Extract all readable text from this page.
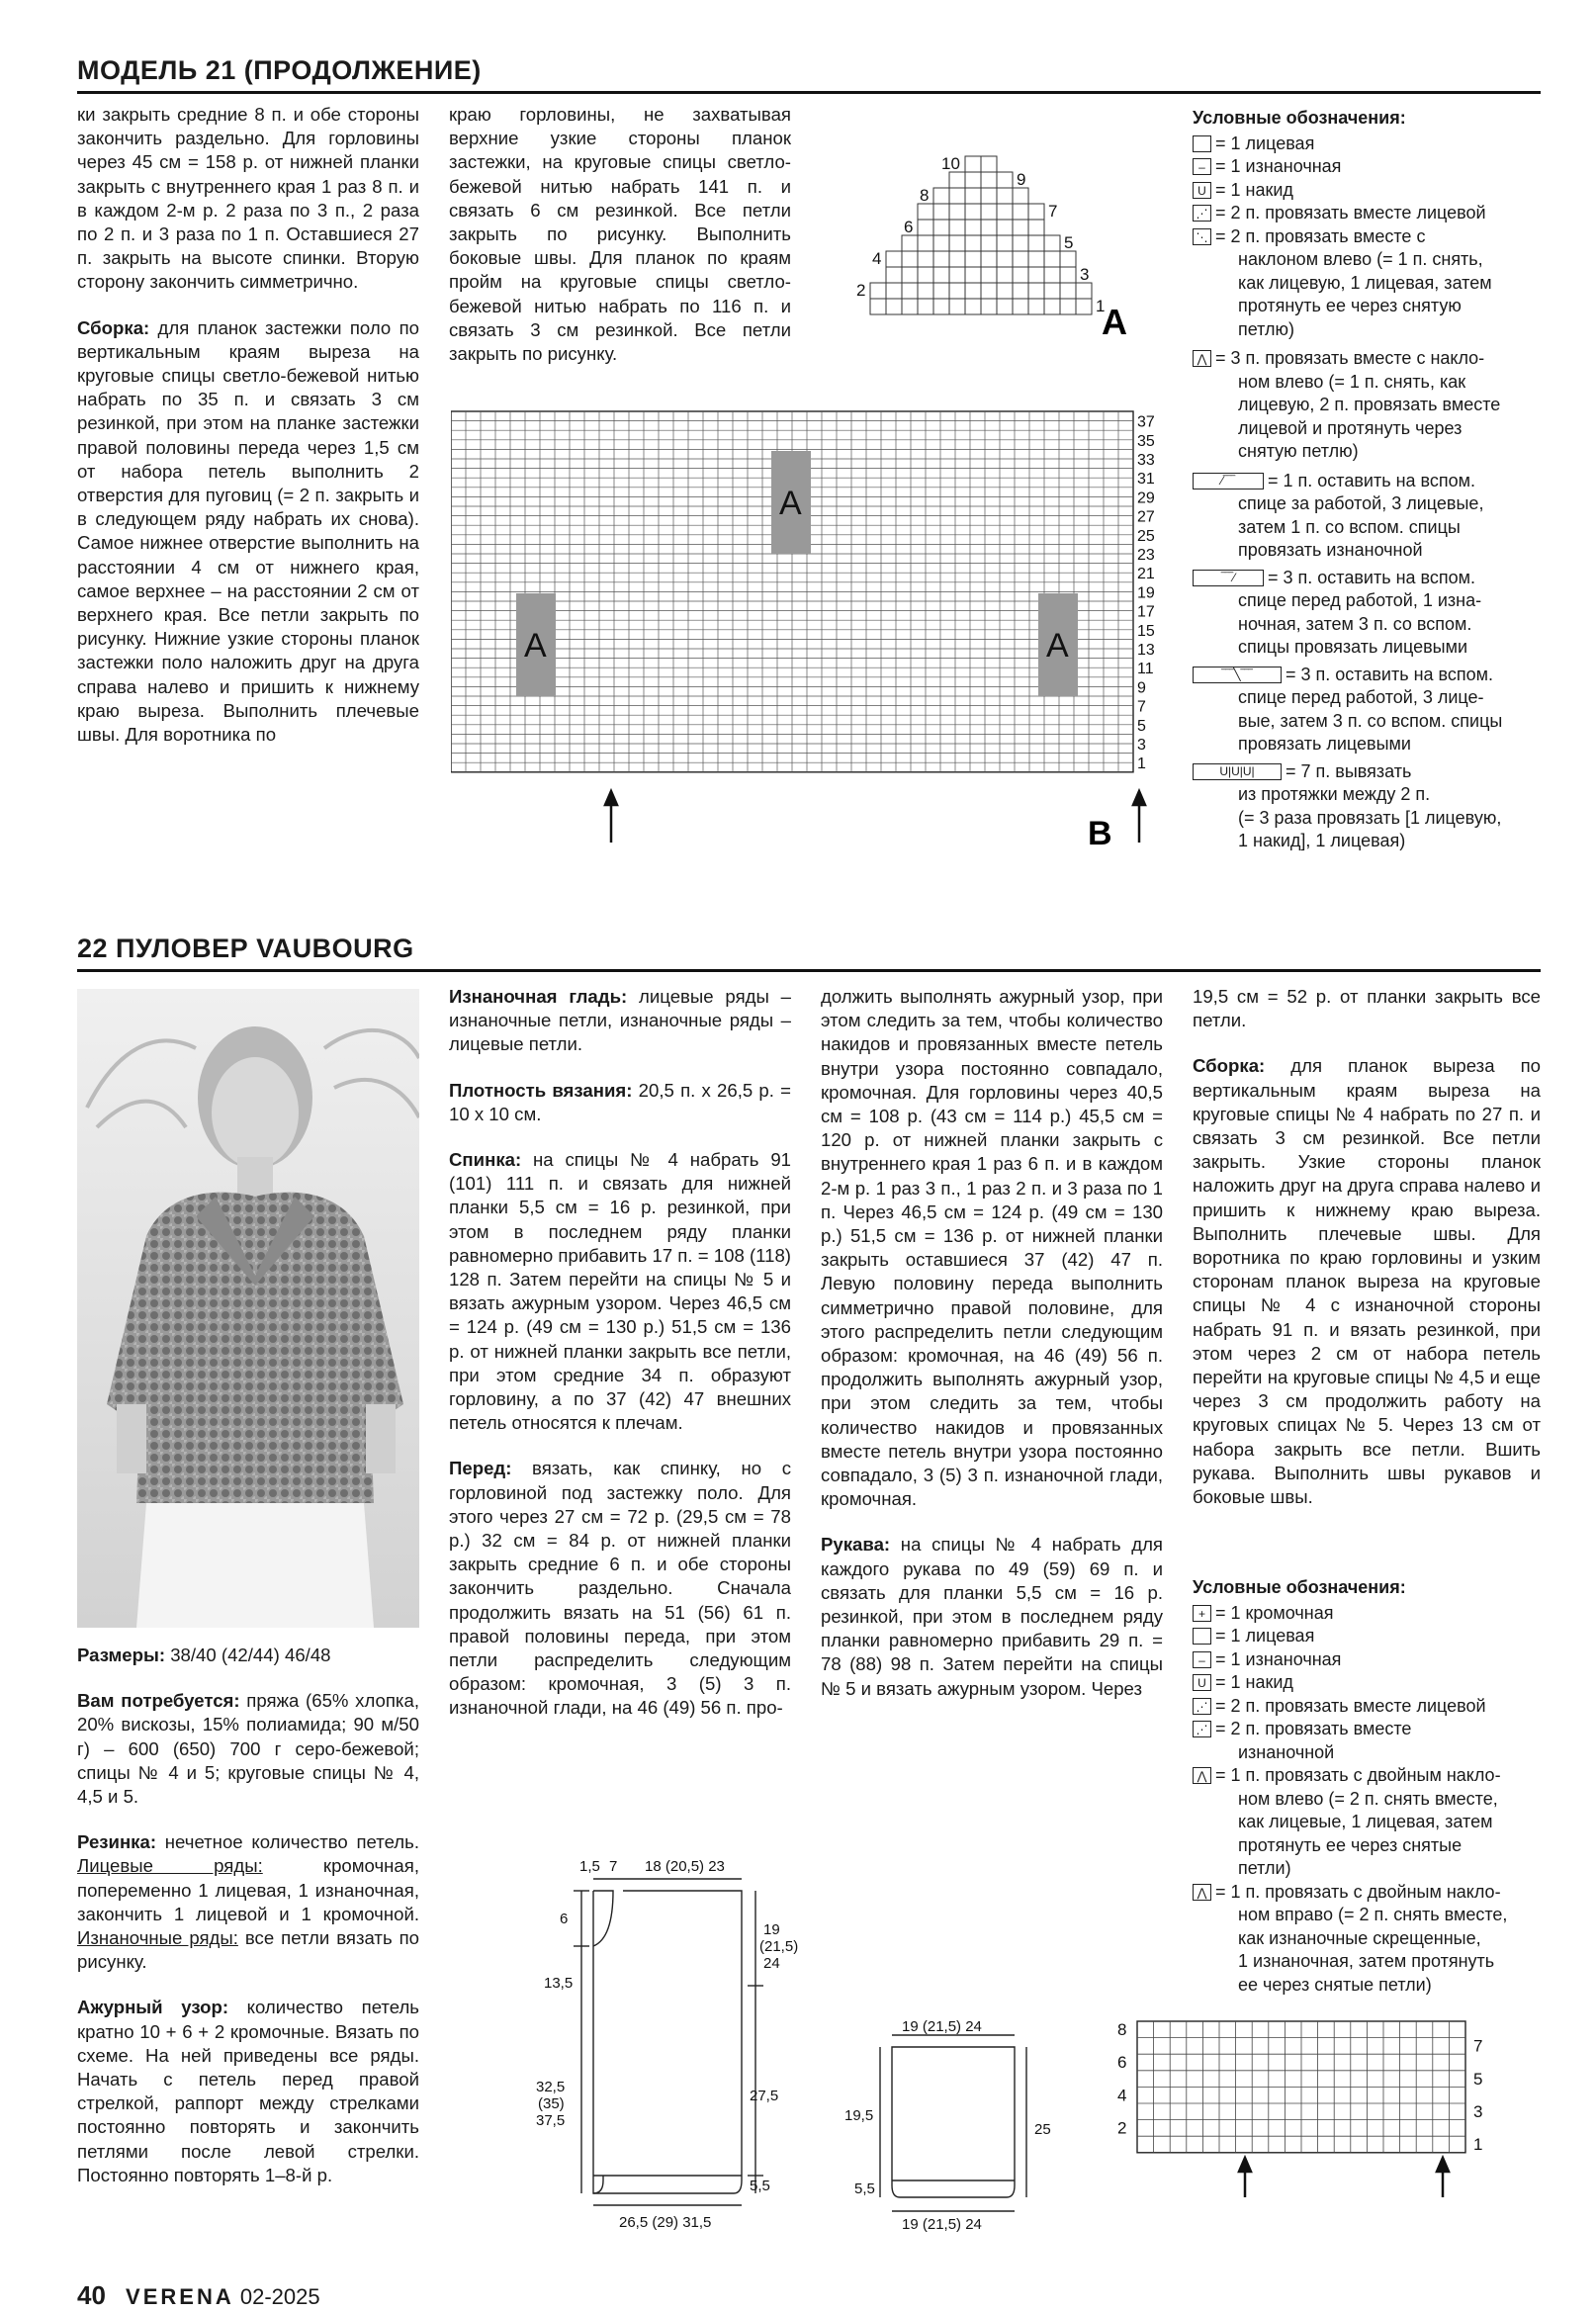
МОДЕЛЬ 21 (ПРОДОЛЖЕНИЕ)

ки закрыть средние 8 п. и обе стороны закончить раздельно. Для горловины через 45 см = 158 р. от нижней планки закрыть с внутреннего края 1 раз 8 п. и в каждом 2-м р. 2 раза по 3 п., 2 раза по 2 п. и 3 раза по 1 п. Оставшиеся 27 п. закрыть на высоте спинки. Вторую сторону закончить симметрично.

Сборка: для планок застежки поло по вертикальным краям выреза на круговые спицы светло-бежевой нитью набрать по 35 п. и связать 3 см резинкой, при этом на планке застежки правой половины переда через 1,5 см от набора петель выполнить 2 отверстия для пуговиц (= 2 п. закрыть и в следующем ряду набрать их снова). Самое нижнее отверстие выполнить на расстоянии 4 см от нижнего края, самое верхнее – на расстоянии 2 см от верхнего края. Все петли закрыть по рисунку. Нижние узкие стороны планок застежки поло наложить друг на друга справа налево и пришить к нижнему краю выреза. Выполнить плечевые швы. Для воротника по

краю горловины, не захватывая верхние узкие стороны планок застежки, на круговые спицы светло-бежевой нитью набрать 141 п. и связать 6 см резинкой. Все петли закрыть по рисунку. Выполнить боковые швы. Для планок по краям пройм на круговые спицы светло-бежевой нитью набрать по 116 п. и связать 3 см резинкой. Все петли закрыть по рисунку.

10
9
8
7
6
5
4
3
2
1
A
A
A
A
37
35
33
31
29
27
25
23
21
19
17
15
13
11
9
7
5
3
1
B
Условные обозначения:
= 1 лицевая
– = 1 изнаночная
U = 1 накид
⋰ = 2 п. провязать вместе лицевой
⋱ = 2 п. провязать вместе с
наклоном влево (= 1 п. снять,
как лицевую, 1 лицевая, затем
протянуть ее через снятую
петлю)
⋀ = 3 п. провязать вместе с накло-
ном влево (= 1 п. снять, как
лицевую, 2 п. провязать вместе
лицевой и протянуть через
снятую петлю)
⁄‾‾‾	= 1 п. оставить на вспом.
спице за работой, 3 лицевые,
затем 1 п. со вспом. спицы
провязать изнаночной
‾‾‾⁄	= 3 п. оставить на вспом.
спице перед работой, 1 изна-
ночная, затем 3 п. со вспом.
спицы провязать лицевыми
‾‾‾╲‾‾‾	= 3 п. оставить на вспом.
спице перед работой, 3 лице-
вые, затем 3 п. со вспом. спицы
провязать лицевыми
U|U|U|	= 7 п. вывязать
из протяжки между 2 п.
(= 3 раза провязать [1 лицевую,
1 накид], 1 лицевая)
22 ПУЛОВЕР VAUBOURG

Размеры: 38/40 (42/44) 46/48

Вам потребуется: пряжа (65% хлопка, 20% вискозы, 15% полиамида; 90 м/50 г) – 600 (650) 700 г серо-бежевой; спицы № 4 и 5; круговые спицы № 4, 4,5 и 5.

Резинка: нечетное количество петель. Лицевые ряды: кромочная, попеременно 1 лицевая, 1 изнаночная, закончить 1 лицевой и 1 кромочной. Изнаночные ряды: все петли вязать по рисунку.

Ажурный узор: количество петель кратно 10 + 6 + 2 кромочные. Вязать по схеме. На ней приведены все ряды. Начать с петель перед правой стрелкой, раппорт между стрелками постоянно повторять и закончить петлями после левой стрелки. Постоянно повторять 1–8-й р.

Изнаночная гладь: лицевые ряды – изнаночные петли, изнаночные ряды – лицевые петли.

Плотность вязания: 20,5 п. х 26,5 р. = 10 х 10 см.

Спинка: на спицы № 4 набрать 91 (101) 111 п. и связать для нижней планки 5,5 см = 16 р. резинкой, при этом в последнем ряду планки равномерно прибавить 17 п. = 108 (118) 128 п. Затем перейти на спицы № 5 и вязать ажурным узором. Через 46,5 см = 124 р. (49 см = 130 р.) 51,5 см = 136 р. от нижней планки закрыть все петли, при этом средние 34 п. образуют горловину, а по 37 (42) 47 внешних петель относятся к плечам.

Перед: вязать, как спинку, но с горловиной под застежку поло. Для этого через 27 см = 72 р. (29,5 см = 78 р.) 32 см = 84 р. от нижней планки закрыть средние 6 п. и обе стороны закончить раздельно. Сначала продолжить вязать на 51 (56) 61 п. правой половины переда, при этом петли распределить следующим образом: кромочная, 3 (5) 3 п. изнаночной глади, на 46 (49) 56 п. про-

должить выполнять ажурный узор, при этом следить за тем, чтобы количество накидов и провязанных вместе петель внутри узора постоянно совпадало, кромочная. Для горловины через 40,5 см = 108 р. (43 см = 114 р.) 45,5 см = 120 р. от нижней планки закрыть с внутреннего края 1 раз 6 п. и в каждом 2-м р. 1 раз 3 п., 1 раз 2 п. и 3 раза по 1 п. Через 46,5 см = 124 р. (49 см = 130 р.) 51,5 см = 136 р. от нижней планки закрыть оставшиеся 37 (42) 47 п. Левую половину переда выполнить симметрично правой половине, для этого распределить петли следующим образом: кромочная, на 46 (49) 56 п. продолжить выполнять ажурный узор, при этом следить за тем, чтобы количество накидов и провязанных вместе петель внутри узора постоянно совпадало, 3 (5) 3 п. изнаночной глади, кромочная.

Рукава: на спицы № 4 набрать для каждого рукава по 49 (59) 69 п. и связать для планки 5,5 см = 16 р. резинкой, при этом в последнем ряду планки равномерно прибавить 29 п. = 78 (88) 98 п. Затем перейти на спицы № 5 и вязать ажурным узором. Через

19,5 см = 52 р. от планки закрыть все петли.

Сборка: для планок выреза по вертикальным краям выреза на круговые спицы № 4 набрать по 27 п. и связать 3 см резинкой. Все петли закрыть. Узкие стороны планок наложить друг на друга справа налево и пришить к нижнему краю выреза. Выполнить плечевые швы. Для воротника по краю горловины и узким сторонам планок выреза на круговые спицы № 4 с изнаночной стороны набрать 91 п. и вязать резинкой, при этом через 2 см от набора петель перейти на круговые спицы № 4,5 и еще через 3 см продолжить работу на круговых спицах № 5. Через 13 см от набора закрыть все петли. Вшить рукава. Выполнить швы рукавов и боковые швы.

Условные обозначения:
+ = 1 кромочная
= 1 лицевая
– = 1 изнаночная
U = 1 накид
⋰ = 2 п. провязать вместе лицевой
⋰ = 2 п. провязать вместе
изнаночной
⋀ = 1 п. провязать с двойным накло-
ном влево (= 2 п. снять вместе,
как лицевые, 1 лицевая, затем
протянуть ее через снятые
петли)
⋀ = 1 п. провязать с двойным накло-
ном вправо (= 2 п. снять вместе,
как изнаночные скрещенные,
1 изнаночная, затем протянуть
ее через снятые петли)
8
6
4
2
7
5
3
1
1,5 7 18 (20,5) 23
6
13,5
32,5
(35)
37,5
19
(21,5)
24
27,5
5,5
26,5 (29) 31,5
19 (21,5) 24
19,5
5,5
25
19 (21,5) 24
40 VERENA 02-2025
